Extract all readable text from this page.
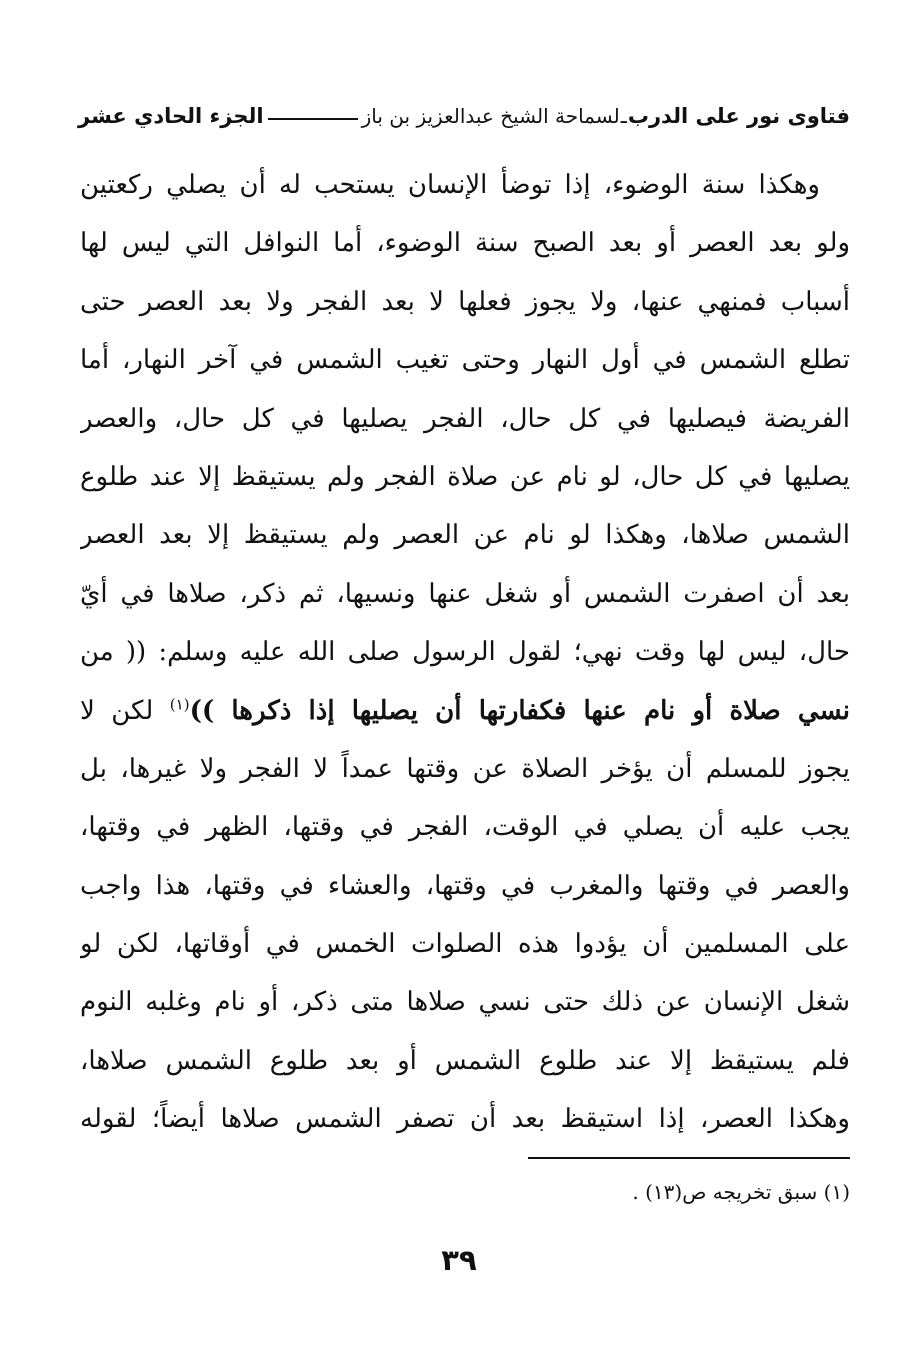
فتاوى نور على الدرب
ـ
لسماحة الشيخ عبدالعزيز بن باز
الجزء الحادي عشر
وهكذا سنة الوضوء، إذا توضأ الإنسان يستحب له أن يصلي ركعتين
ولو بعد العصر أو بعد الصبح سنة الوضوء، أما النوافل التي ليس لها
أسباب فمنهي عنها، ولا يجوز فعلها لا بعد الفجر ولا بعد العصر حتى
تطلع الشمس في أول النهار وحتى تغيب الشمس في آخر النهار، أما
الفريضة فيصليها في كل حال، الفجر يصليها في كل حال، والعصر
يصليها في كل حال، لو نام عن صلاة الفجر ولم يستيقظ إلا عند طلوع
الشمس صلاها، وهكذا لو نام عن العصر ولم يستيقظ إلا بعد العصر
بعد أن اصفرت الشمس أو شغل عنها ونسيها، ثم ذكر، صلاها في أيّ
حال، ليس لها وقت نهي؛ لقول الرسول صلى الله عليه وسلم: (( من
نسي صلاة أو نام عنها فكفارتها أن يصليها إذا ذكرها ))$^{(١)}$ لكن لا
يجوز للمسلم أن يؤخر الصلاة عن وقتها عمداً لا الفجر ولا غيرها، بل
يجب عليه أن يصلي في الوقت، الفجر في وقتها، الظهر في وقتها،
والعصر في وقتها والمغرب في وقتها، والعشاء في وقتها، هذا واجب
على المسلمين أن يؤدوا هذه الصلوات الخمس في أوقاتها، لكن لو
شغل الإنسان عن ذلك حتى نسي صلاها متى ذكر، أو نام وغلبه النوم
فلم يستيقظ إلا عند طلوع الشمس أو بعد طلوع الشمس صلاها،
وهكذا العصر، إذا استيقظ بعد أن تصفر الشمس صلاها أيضاً؛ لقوله
(١) سبق تخريجه ص(١٣) .
٣٩
